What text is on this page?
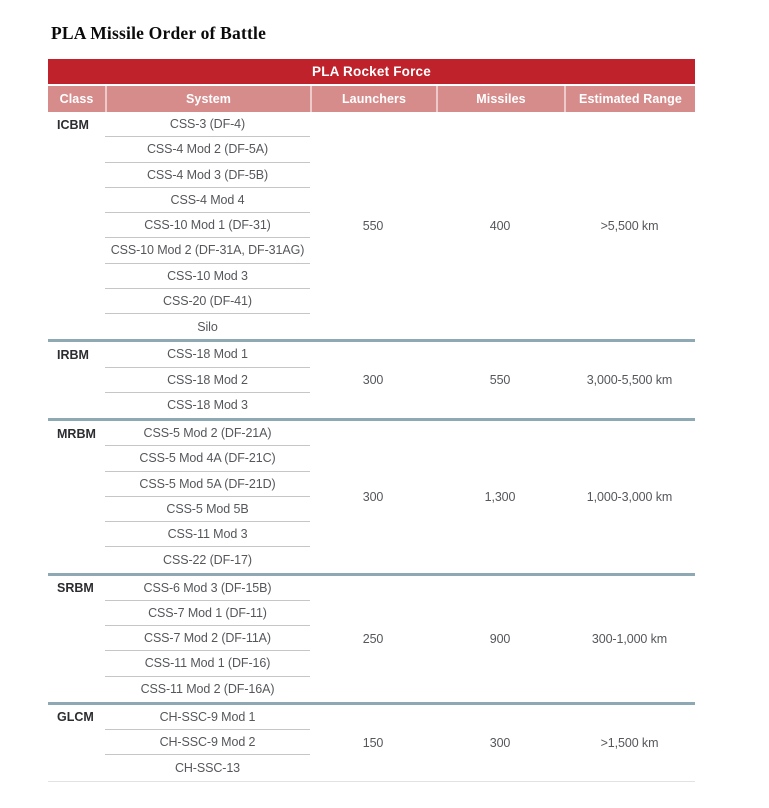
PLA Missile Order of Battle
PLA Rocket Force
Class	System	Launchers	Missiles	Estimated Range
ICBM	CSS-3 (DF-4)
CSS-4 Mod 2 (DF-5A)
CSS-4 Mod 3 (DF-5B)
CSS-4 Mod 4
CSS-10 Mod 1 (DF-31)
CSS-10 Mod 2 (DF-31A, DF-31AG)
CSS-10 Mod 3
CSS-20 (DF-41)
Silo
550	400	>5,500 km
IRBM	CSS-18 Mod 1
CSS-18 Mod 2
CSS-18 Mod 3
300	550	3,000-5,500 km
MRBM	CSS-5 Mod 2 (DF-21A)
CSS-5 Mod 4A (DF-21C)
CSS-5 Mod 5A (DF-21D)
CSS-5 Mod 5B
CSS-11 Mod 3
CSS-22 (DF-17)
300	1,300	1,000-3,000 km
SRBM	CSS-6 Mod 3 (DF-15B)
CSS-7 Mod 1 (DF-11)
CSS-7 Mod 2 (DF-11A)
CSS-11 Mod 1 (DF-16)
CSS-11 Mod 2 (DF-16A)
250	900	300-1,000 km
GLCM	CH-SSC-9 Mod 1
CH-SSC-9 Mod 2
CH-SSC-13
150	300	>1,500 km
